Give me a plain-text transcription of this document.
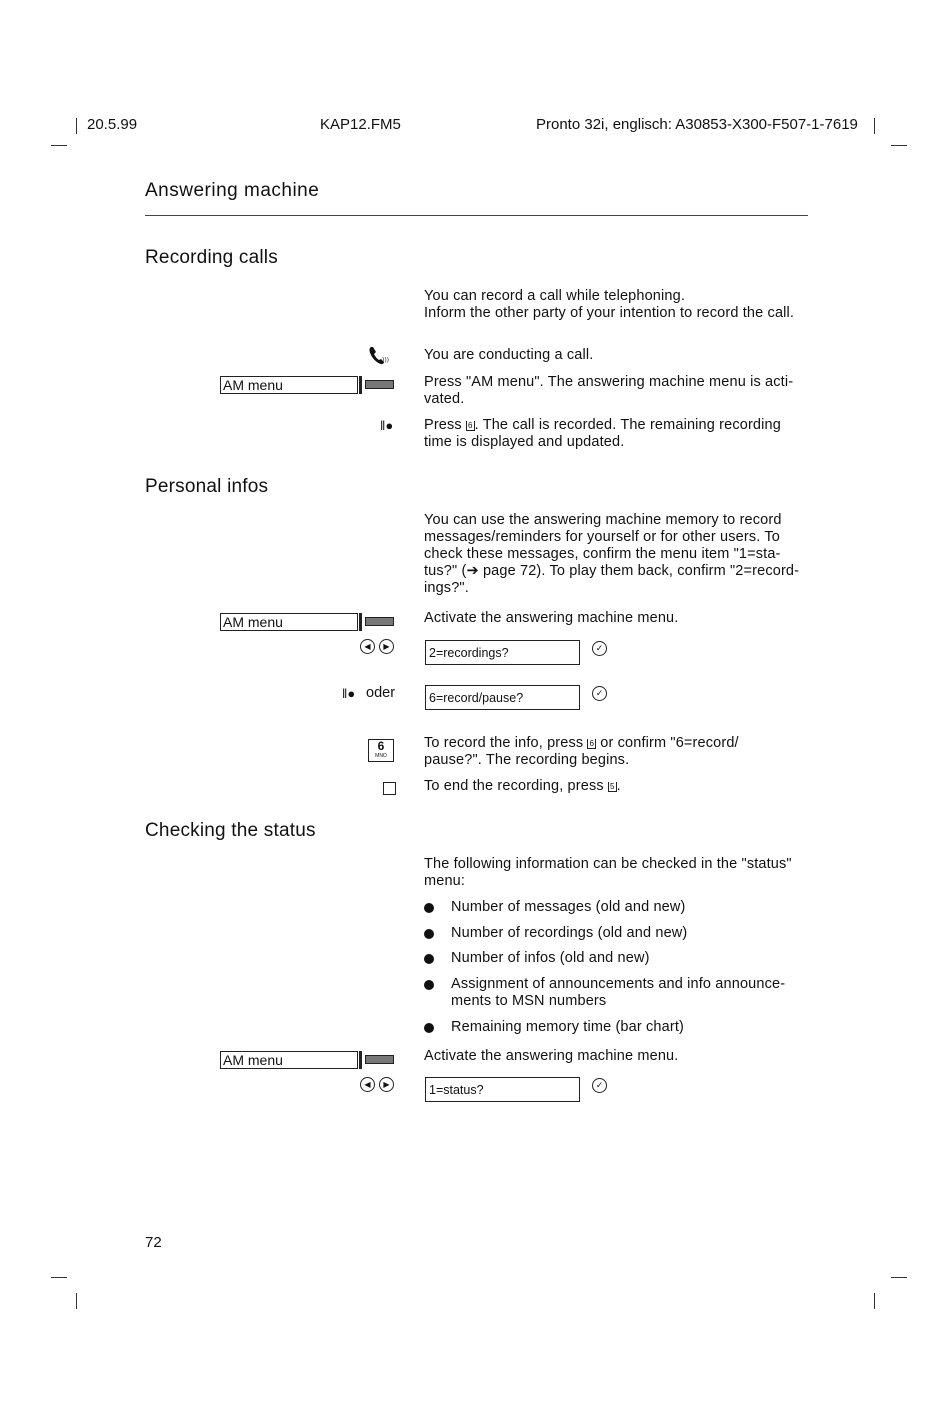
20.5.99	KAP12.FM5	Pronto 32i, englisch: A30853-X300-F507-1-7619
Answering machine
Recording calls
You can record a call while telephoning.
Inform the other party of your intention to record the call.
))) You are conducting a call.
AM menu	Press "AM menu". The answering machine menu is acti-
vated.
‖● Press 6 . The call is recorded. The remaining recording
time is displayed and updated.
Personal infos
You can use the answering machine memory to record
messages/reminders for yourself or for other users. To
check these messages, confirm the menu item "1=sta-
tus?" (➔ page 72). To play them back, confirm "2=record-
ings?".
AM menu	Activate the answering machine menu.
◀	▶	2=recordings?	✓
‖● oder	6=record/pause?	✓
6
MNO
To record the info, press 6 or confirm "6=record/
pause?". The recording begins.
To end the recording, press 5 .
Checking the status
The following information can be checked in the "status"
menu:
Number of messages (old and new)
Number of recordings (old and new)
Number of infos (old and new)
Assignment of announcements and info announce-
ments to MSN numbers
Remaining memory time (bar chart)
AM menu	Activate the answering machine menu.
◀	▶	1=status?	✓
72
